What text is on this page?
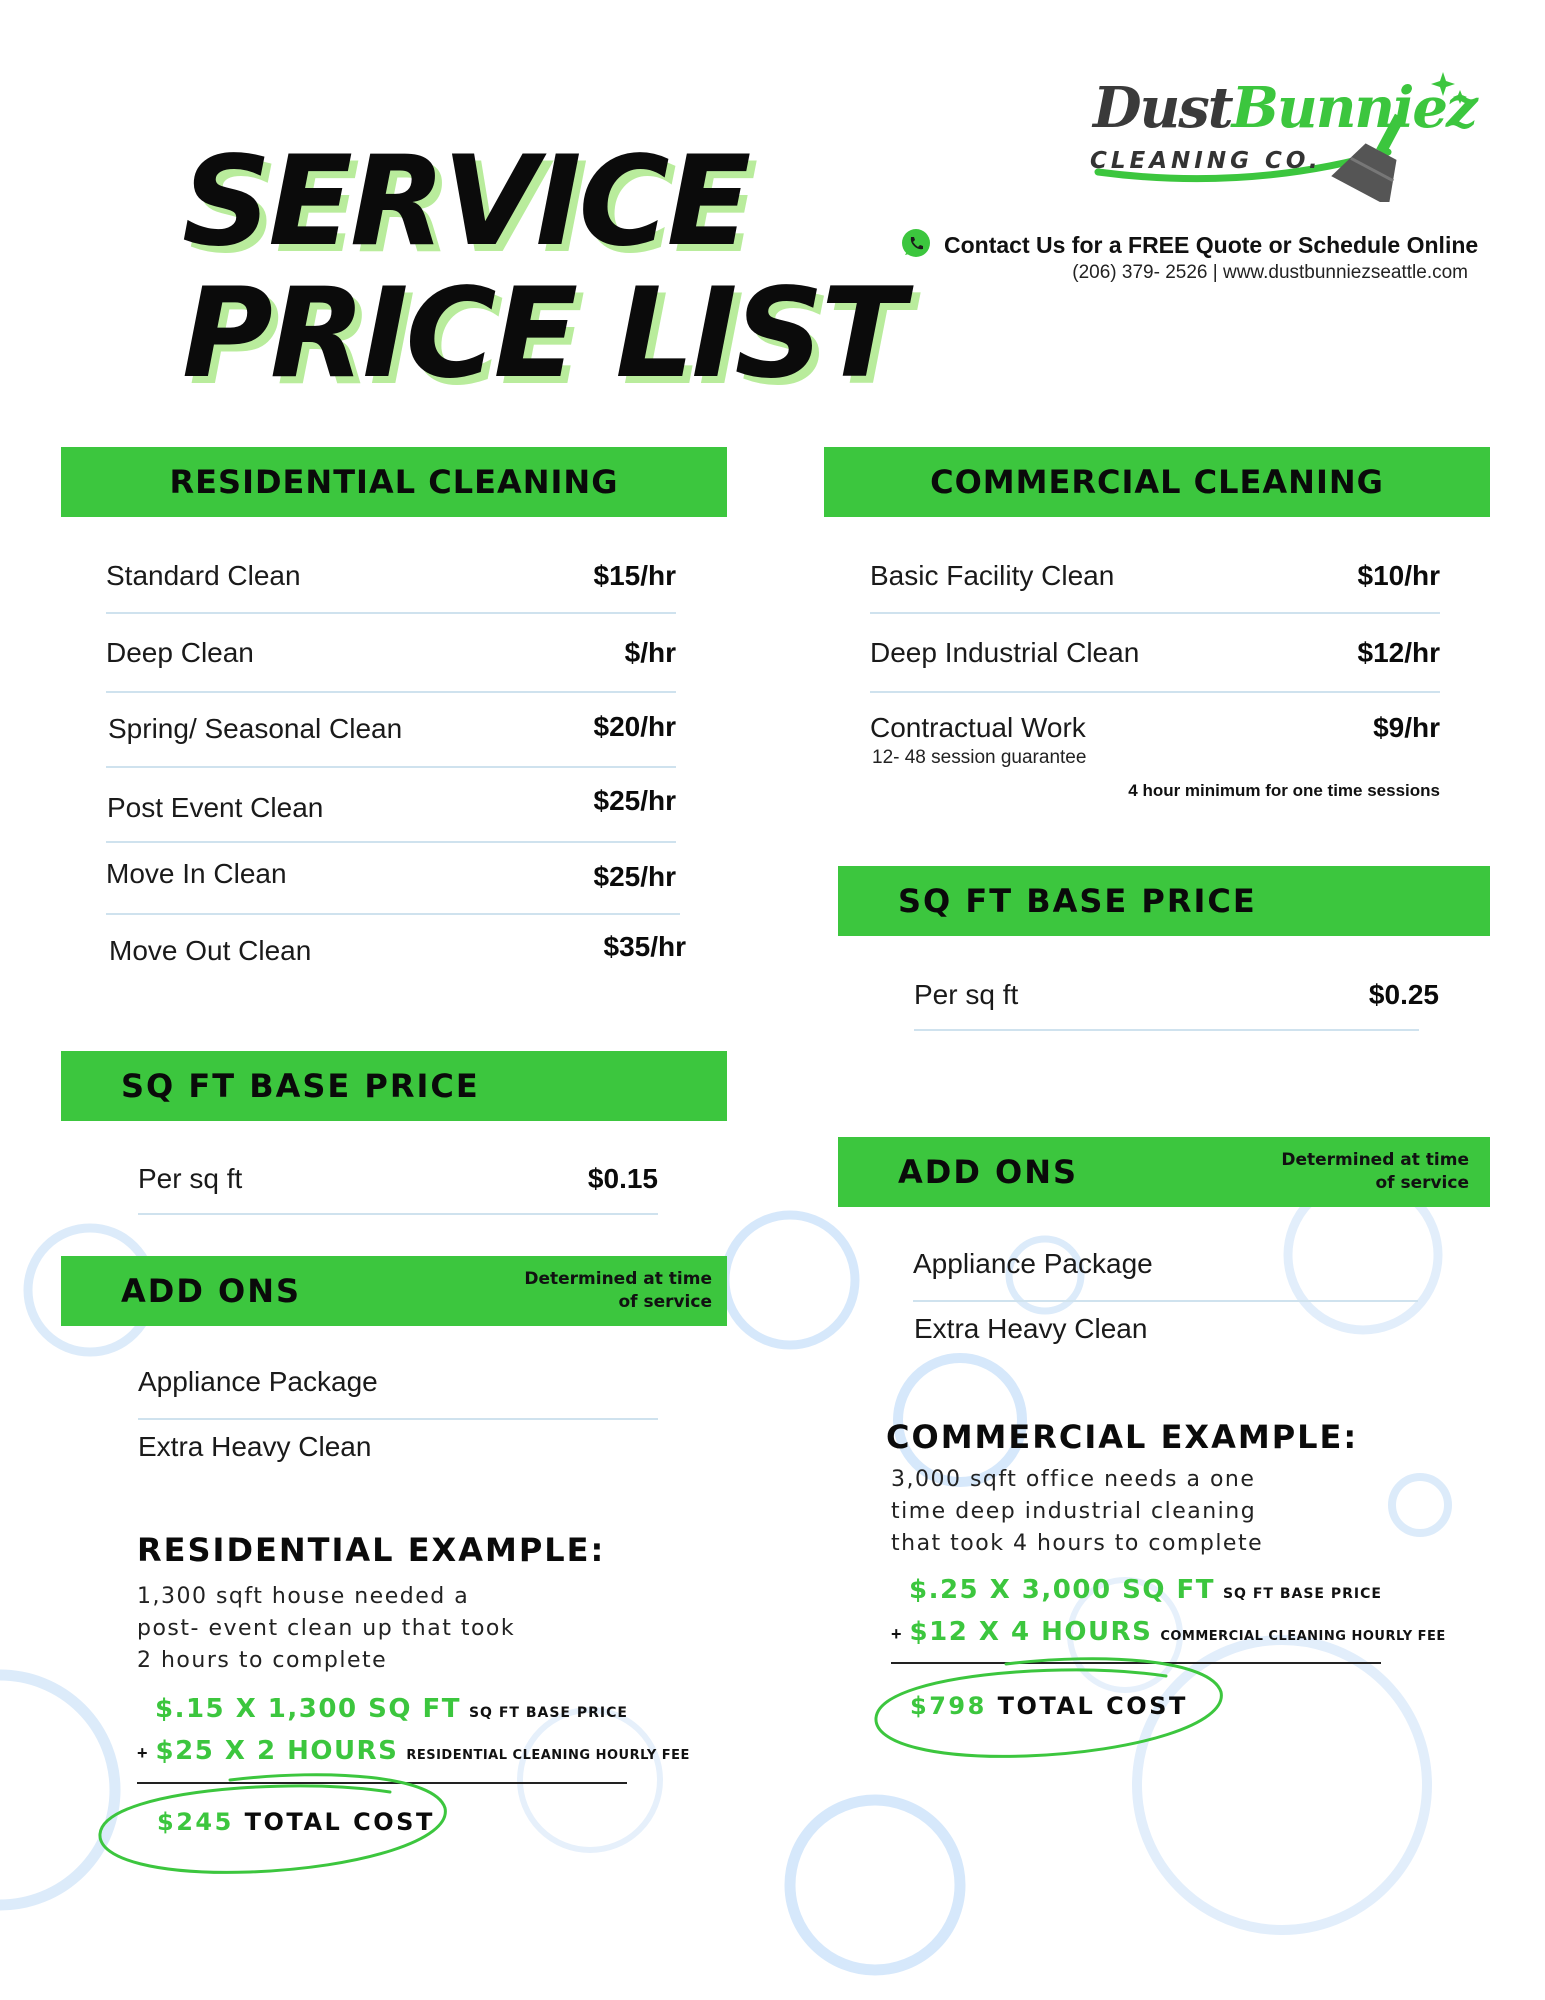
SERVICE
PRICE LIST
DustBunniez
CLEANING CO.
Contact Us for a FREE Quote or Schedule Online
(206) 379- 2526 | www.dustbunniezseattle.com
RESIDENTIAL CLEANING
Standard Clean	$15/hr
Deep Clean	$/hr
Spring/ Seasonal Clean	$20/hr
Post Event Clean	$25/hr
Move In Clean	$25/hr
Move Out Clean	$35/hr
SQ FT BASE PRICE
Per sq ft	$0.15
ADD ONS	Determined at time
of service
Appliance Package
Extra Heavy Clean
RESIDENTIAL EXAMPLE:
1,300 sqft house needed a
post- event clean up that took
2 hours to complete
$.15 X 1,300 SQ FT SQ FT BASE PRICE
+ $25 X 2 HOURS RESIDENTIAL CLEANING HOURLY FEE
$245 TOTAL COST
COMMERCIAL CLEANING
Basic Facility Clean	$10/hr
Deep Industrial Clean	$12/hr
Contractual Work	$9/hr
12- 48 session guarantee
4 hour minimum for one time sessions
SQ FT BASE PRICE
Per sq ft	$0.25
ADD ONS	Determined at time
of service
Appliance Package
Extra Heavy Clean
COMMERCIAL EXAMPLE:
3,000 sqft office needs a one
time deep industrial cleaning
that took 4 hours to complete
$.25 X 3,000 SQ FT SQ FT BASE PRICE
+ $12 X 4 HOURS COMMERCIAL CLEANING HOURLY FEE
$798 TOTAL COST
